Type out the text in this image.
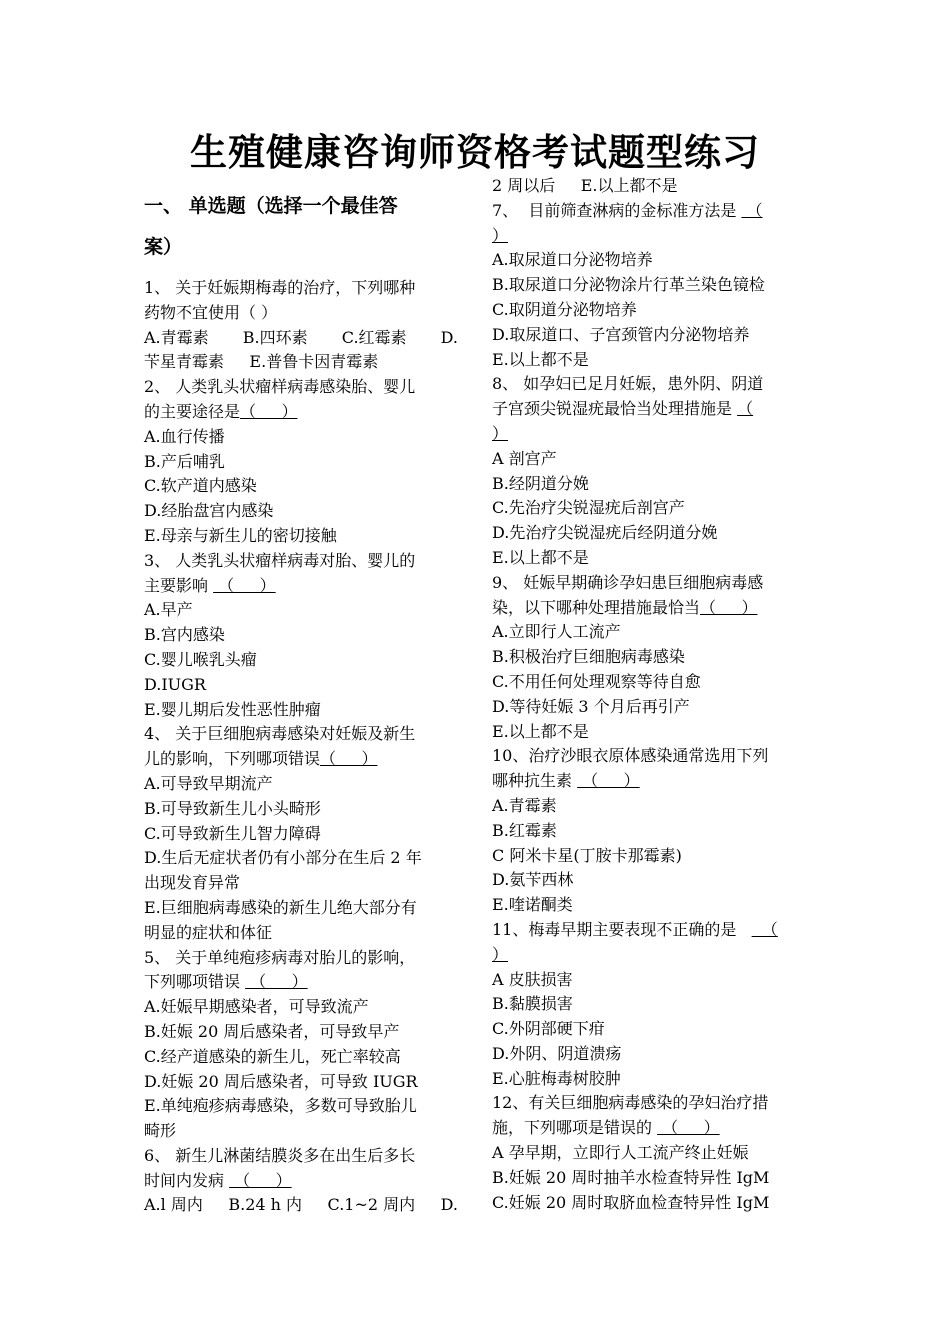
生殖健康咨询师资格考试题型练习
一、 单选题（选择一个最佳答
案）
1、 关于妊娠期梅毒的治疗，下列哪种
药物不宜使用（ ）
A.青霉素 B.四环素 C.红霉素 D.
苄星青霉素     E.普鲁卡因青霉素
2、 人类乳头状瘤样病毒感染胎、婴儿
的主要途径是（     ）
A.血行传播
B.产后哺乳
C.软产道内感染
D.经胎盘宫内感染
E.母亲与新生儿的密切接触
3、 人类乳头状瘤样病毒对胎、婴儿的
主要影响  （     ）
A.早产
B.宫内感染
C.婴儿喉乳头瘤
D.IUGR
E.婴儿期后发性恶性肿瘤
4、 关于巨细胞病毒感染对妊娠及新生
儿的影响，下列哪项错误（     ）
A.可导致早期流产
B.可导致新生儿小头畸形
C.可导致新生儿智力障碍
D.生后无症状者仍有小部分在生后 2 年
出现发育异常
E.巨细胞病毒感染的新生儿绝大部分有
明显的症状和体征
5、 关于单纯疱疹病毒对胎儿的影响，
下列哪项错误  （     ）
A.妊娠早期感染者，可导致流产
B.妊娠 20 周后感染者，可导致早产
C.经产道感染的新生儿，死亡率较高
D.妊娠 20 周后感染者，可导致 IUGR
E.单纯疱疹病毒感染，多数可导致胎儿
畸形
6、 新生儿淋菌结膜炎多在出生后多长
时间内发病  （     ）
A.l 周内 B.24 h 内 C.1~2 周内 D.
2 周以后     E.以上都不是
7、  目前筛查淋病的金标准方法是  （
）
A.取尿道口分泌物培养
B.取尿道口分泌物涂片行革兰染色镜检
C.取阴道分泌物培养
D.取尿道口、子宫颈管内分泌物培养
E.以上都不是
8、 如孕妇已足月妊娠，患外阴、阴道
子宫颈尖锐湿疣最恰当处理措施是 （
）
A 剖宫产
B.经阴道分娩
C.先治疗尖锐湿疣后剖宫产
D.先治疗尖锐湿疣后经阴道分娩
E.以上都不是
9、 妊娠早期确诊孕妇患巨细胞病毒感
染，以下哪种处理措施最恰当（     ）
A.立即行人工流产
B.积极治疗巨细胞病毒感染
C.不用任何处理观察等待自愈
D.等待妊娠 3 个月后再引产
E.以上都不是
10、治疗沙眼衣原体感染通常选用下列
哪种抗生素  （     ）
A.青霉素
B.红霉素
C 阿米卡星(丁胺卡那霉素)
D.氨苄西林
E.喹诺酮类
11、梅毒早期主要表现不正确的是     （
）
A 皮肤损害
B.黏膜损害
C.外阴部硬下疳
D.外阴、阴道溃疡
E.心脏梅毒树胶肿
12、有关巨细胞病毒感染的孕妇治疗措
施，下列哪项是错误的  （     ）
A 孕早期，立即行人工流产终止妊娠
B.妊娠 20 周时抽羊水检查特异性 IgM
C.妊娠 20 周时取脐血检查特异性 IgM
